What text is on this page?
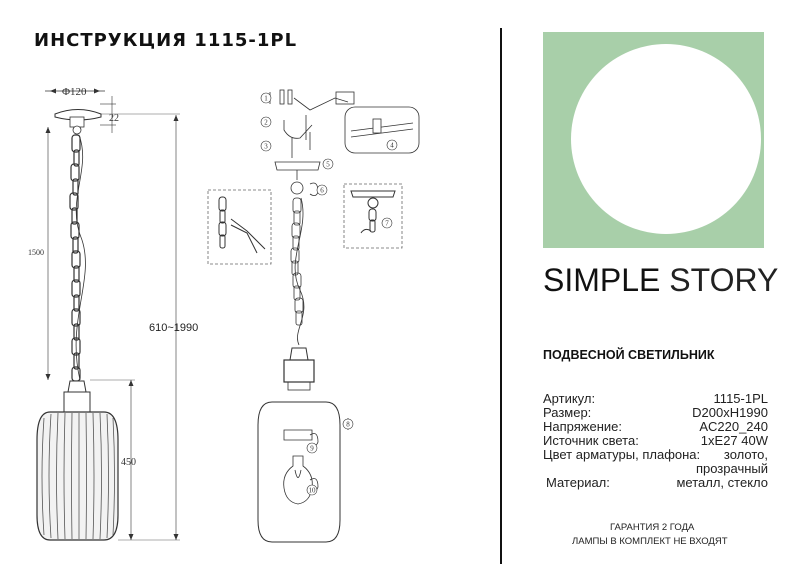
ИНСТРУКЦИЯ 1115-1PL
Φ120
22
1500
610~1990
450
1
2
3
5
6
8
9
10
4
7
SIMPLE STORY
ПОДВЕСНОЙ СВЕТИЛЬНИК
Артикул:	1115-1PL
Размер:	D200xH1990
Напряжение:	AC220_240
Источник света:	1xE27 40W
Цвет арматуры, плафона: золото,
прозрачный
Материал:	металл, стекло
ГАРАНТИЯ 2 ГОДА
ЛАМПЫ В КОМПЛЕКТ НЕ ВХОДЯТ
